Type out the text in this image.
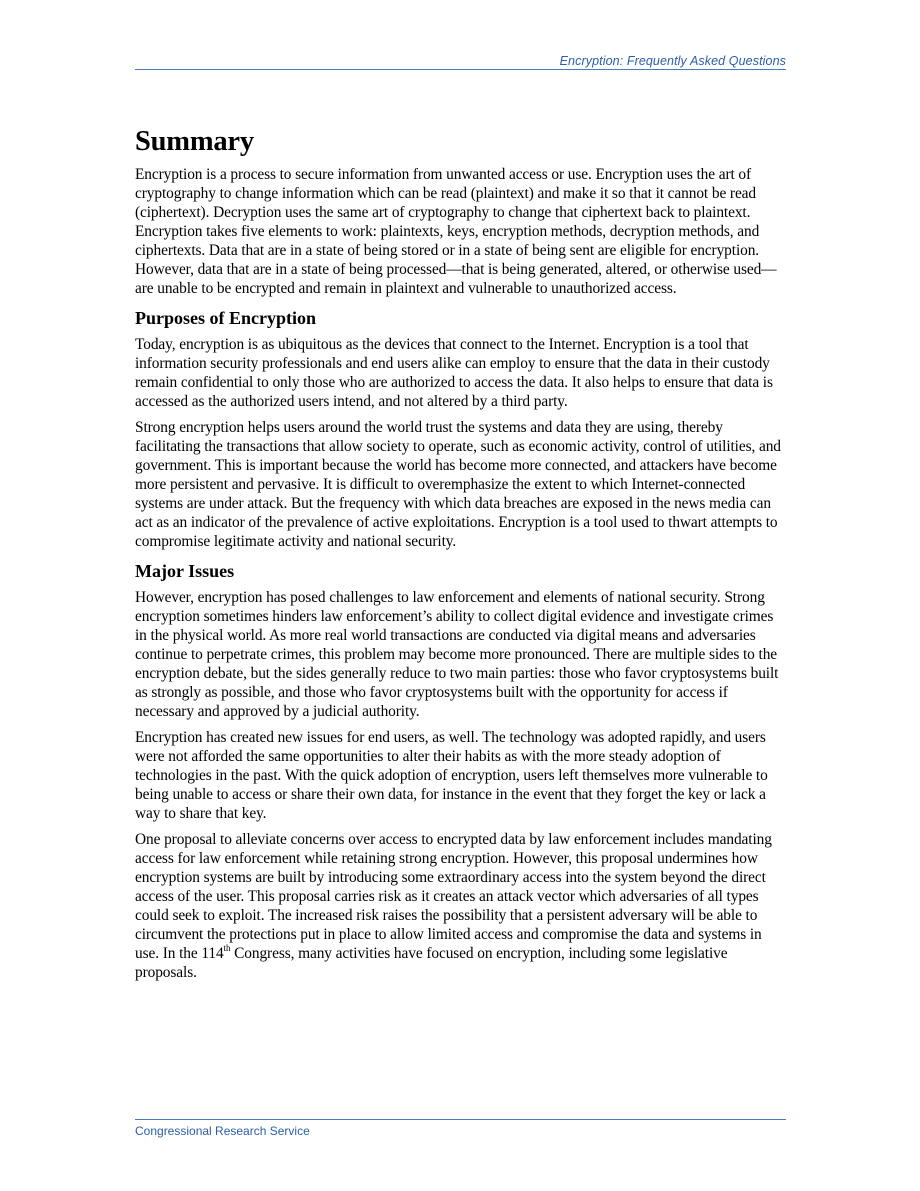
Encryption: Frequently Asked Questions
Summary

Encryption is a process to secure information from unwanted access or use. Encryption uses the art of cryptography to change information which can be read (plaintext) and make it so that it cannot be read (ciphertext). Decryption uses the same art of cryptography to change that ciphertext back to plaintext. Encryption takes five elements to work: plaintexts, keys, encryption methods, decryption methods, and ciphertexts. Data that are in a state of being stored or in a state of being sent are eligible for encryption. However, data that are in a state of being processed—that is being generated, altered, or otherwise used—are unable to be encrypted and remain in plaintext and vulnerable to unauthorized access.

Purposes of Encryption

Today, encryption is as ubiquitous as the devices that connect to the Internet. Encryption is a tool that information security professionals and end users alike can employ to ensure that the data in their custody remain confidential to only those who are authorized to access the data. It also helps to ensure that data is accessed as the authorized users intend, and not altered by a third party.

Strong encryption helps users around the world trust the systems and data they are using, thereby facilitating the transactions that allow society to operate, such as economic activity, control of utilities, and government. This is important because the world has become more connected, and attackers have become more persistent and pervasive. It is difficult to overemphasize the extent to which Internet-connected systems are under attack. But the frequency with which data breaches are exposed in the news media can act as an indicator of the prevalence of active exploitations. Encryption is a tool used to thwart attempts to compromise legitimate activity and national security.

Major Issues

However, encryption has posed challenges to law enforcement and elements of national security. Strong encryption sometimes hinders law enforcement’s ability to collect digital evidence and investigate crimes in the physical world. As more real world transactions are conducted via digital means and adversaries continue to perpetrate crimes, this problem may become more pronounced. There are multiple sides to the encryption debate, but the sides generally reduce to two main parties: those who favor cryptosystems built as strongly as possible, and those who favor cryptosystems built with the opportunity for access if necessary and approved by a judicial authority.

Encryption has created new issues for end users, as well. The technology was adopted rapidly, and users were not afforded the same opportunities to alter their habits as with the more steady adoption of technologies in the past. With the quick adoption of encryption, users left themselves more vulnerable to being unable to access or share their own data, for instance in the event that they forget the key or lack a way to share that key.

One proposal to alleviate concerns over access to encrypted data by law enforcement includes mandating access for law enforcement while retaining strong encryption. However, this proposal undermines how encryption systems are built by introducing some extraordinary access into the system beyond the direct access of the user. This proposal carries risk as it creates an attack vector which adversaries of all types could seek to exploit. The increased risk raises the possibility that a persistent adversary will be able to circumvent the protections put in place to allow limited access and compromise the data and systems in use. In the 114th Congress, many activities have focused on encryption, including some legislative proposals.

Congressional Research Service
